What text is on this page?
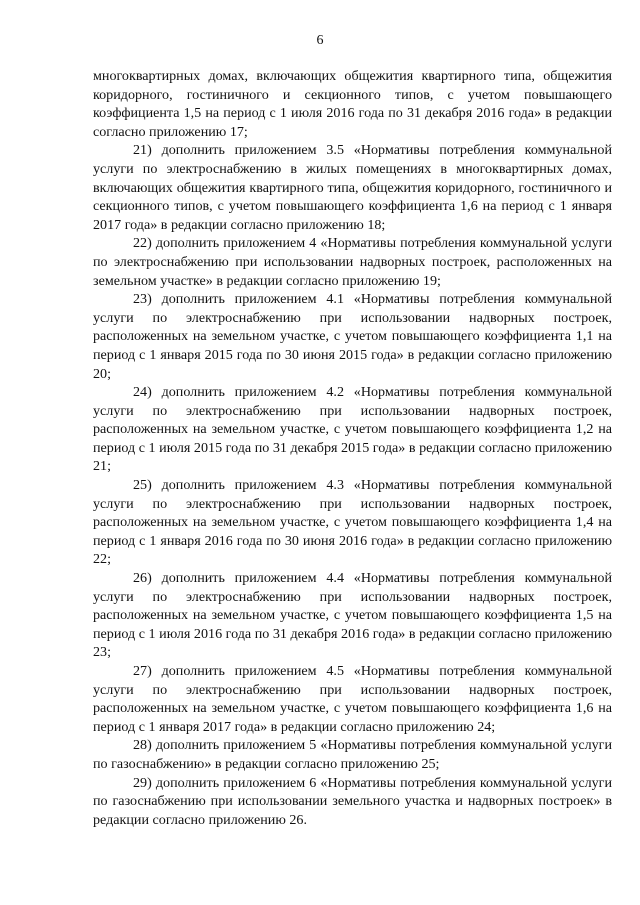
6

многоквартирных домах, включающих общежития квартирного типа, общежития коридорного, гостиничного и секционного типов, с учетом повышающего коэффициента 1,5 на период с 1 июля 2016 года по 31 декабря 2016 года» в редакции согласно приложению 17;

21) дополнить приложением 3.5 «Нормативы потребления коммунальной услуги по электроснабжению в жилых помещениях в многоквартирных домах, включающих общежития квартирного типа, общежития коридорного, гостиничного и секционного типов, с учетом повышающего коэффициента 1,6 на период с 1 января 2017 года» в редакции согласно приложению 18;

22) дополнить приложением 4 «Нормативы потребления коммунальной услуги по электроснабжению при использовании надворных построек, расположенных на земельном участке» в редакции согласно приложению 19;

23) дополнить приложением 4.1 «Нормативы потребления коммунальной услуги по электроснабжению при использовании надворных построек, расположенных на земельном участке, с учетом повышающего коэффициента 1,1 на период с 1 января 2015 года по 30 июня 2015 года» в редакции согласно приложению 20;

24) дополнить приложением 4.2 «Нормативы потребления коммунальной услуги по электроснабжению при использовании надворных построек, расположенных на земельном участке, с учетом повышающего коэффициента 1,2 на период с 1 июля 2015 года по 31 декабря 2015 года» в редакции согласно приложению 21;

25) дополнить приложением 4.3 «Нормативы потребления коммунальной услуги по электроснабжению при использовании надворных построек, расположенных на земельном участке, с учетом повышающего коэффициента 1,4 на период с 1 января 2016 года по 30 июня 2016 года» в редакции согласно приложению 22;

26) дополнить приложением 4.4 «Нормативы потребления коммунальной услуги по электроснабжению при использовании надворных построек, расположенных на земельном участке, с учетом повышающего коэффициента 1,5 на период с 1 июля 2016 года по 31 декабря 2016 года» в редакции согласно приложению 23;

27) дополнить приложением 4.5 «Нормативы потребления коммунальной услуги по электроснабжению при использовании надворных построек, расположенных на земельном участке, с учетом повышающего коэффициента 1,6 на период с 1 января 2017 года» в редакции согласно приложению 24;

28) дополнить приложением 5 «Нормативы потребления коммунальной услуги по газоснабжению» в редакции согласно приложению 25;

29) дополнить приложением 6 «Нормативы потребления коммунальной услуги по газоснабжению при использовании земельного участка и надворных построек» в редакции согласно приложению 26.
